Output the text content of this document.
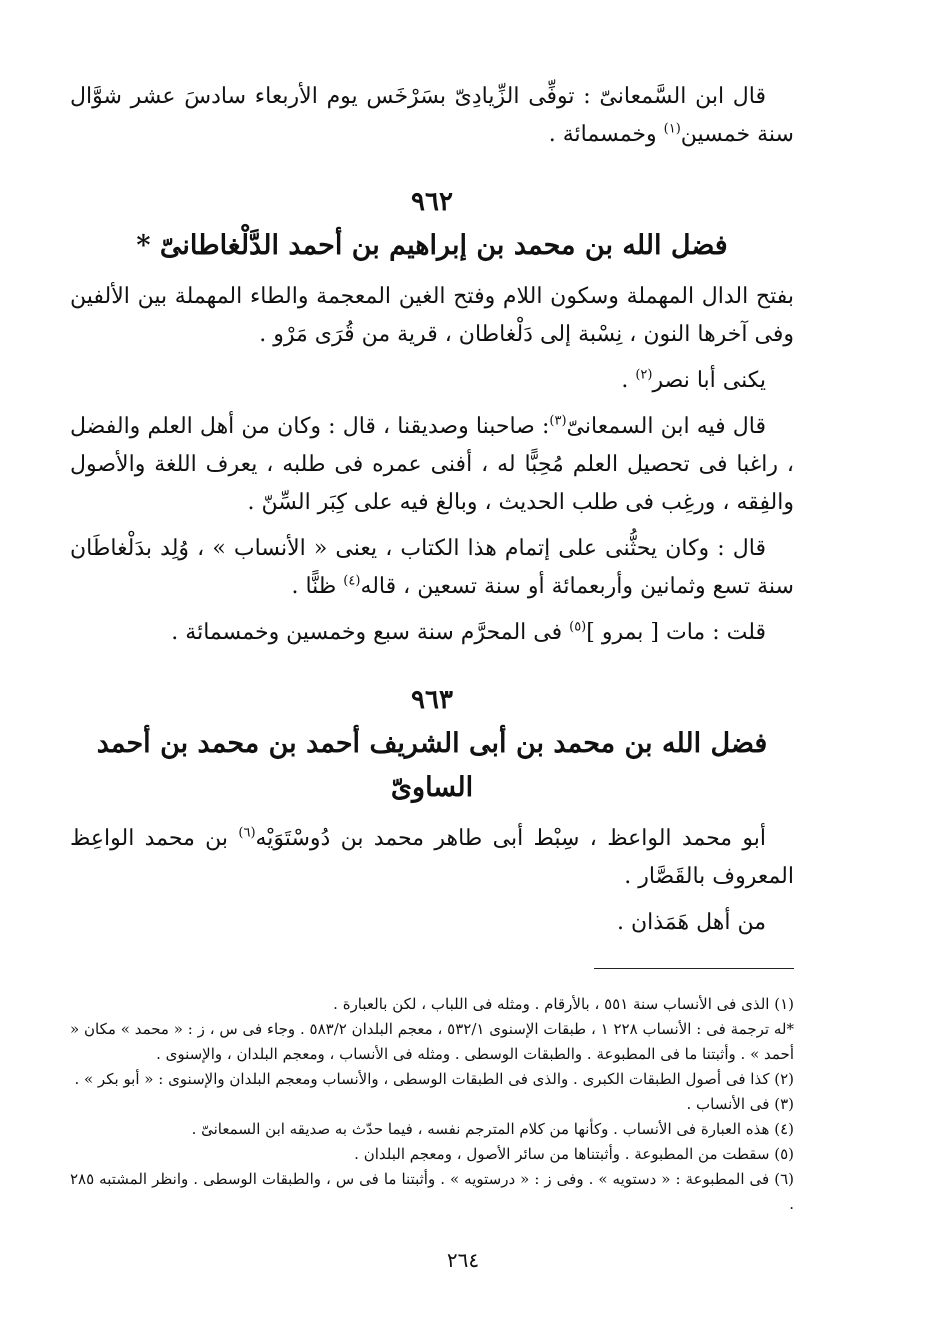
قال ابن السَّمعانىّ : توفِّى الزِّيادِىّ بسَرْخَس يوم الأربعاء سادسَ عشر شوَّال سنة خمسين$^{(١)}$ وخمسمائة .

٩٦٢
فضل الله بن محمد بن إبراهيم بن أحمد الدَّلْغاطانىّ *

بفتح الدال المهملة وسكون اللام وفتح الغين المعجمة والطاء المهملة بين الألفين وفى آخرها النون ، نِسْبة إلى دَلْغاطان ، قرية من قُرَى مَرْو .

يكنى أبا نصر$^{(٢)}$ .

قال فيه ابن السمعانىّ$^{(٣)}$: صاحبنا وصديقنا ، قال : وكان من أهل العلم والفضل ، راغبا فى تحصيل العلم مُحِبًّا له ، أفنى عمره فى طلبه ، يعرف اللغة والأصول والفِقه ، ورغِب فى طلب الحديث ، وبالغ فيه على كِبَر السِّنّ .

قال : وكان يحثُّنى على إتمام هذا الكتاب ، يعنى « الأنساب » ، وُلِد بدَلْغاطَان سنة تسع وثمانين وأربعمائة أو سنة تسعين ، قاله$^{(٤)}$ ظنًّا .

قلت : مات [ بمرو ]$^{(٥)}$ فى المحرَّم سنة سبع وخمسين وخمسمائة .

٩٦٣
فضل الله بن محمد بن أبى الشريف أحمد بن محمد بن أحمد الساوىّ

أبو محمد الواعظ ، سِبْط أبى طاهر محمد بن دُوسْتَوَيْه$^{(٦)}$ بن محمد الواعِظ المعروف بالقَصَّار .

من أهل هَمَذان .

(١) الذى فى الأنساب سنة ٥٥١ ، بالأرقام . ومثله فى اللباب ، لكن بالعبارة .

*له ترجمة فى : الأنساب ٢٢٨ ١ ، طبقات الإسنوى ٥٣٢/١ ، معجم البلدان ٥٨٣/٢ . وجاء فى س ، ز : « محمد » مكان « أحمد » . وأثبتنا ما فى المطبوعة . والطبقات الوسطى . ومثله فى الأنساب ، ومعجم البلدان ، والإسنوى .

(٢) كذا فى أصول الطبقات الكبرى . والذى فى الطبقات الوسطى ، والأنساب ومعجم البلدان والإسنوى : « أبو بكر » .

(٣) فى الأنساب .

(٤) هذه العبارة فى الأنساب . وكأنها من كلام المترجم نفسه ، فيما حدّث به صديقه ابن السمعانىّ .

(٥) سقطت من المطبوعة . وأثبتناها من سائر الأصول ، ومعجم البلدان .

(٦) فى المطبوعة : « دستويه » . وفى ز : « درستويه » . وأثبتنا ما فى س ، والطبقات الوسطى . وانظر المشتبه ٢٨٥ .

٢٦٤
